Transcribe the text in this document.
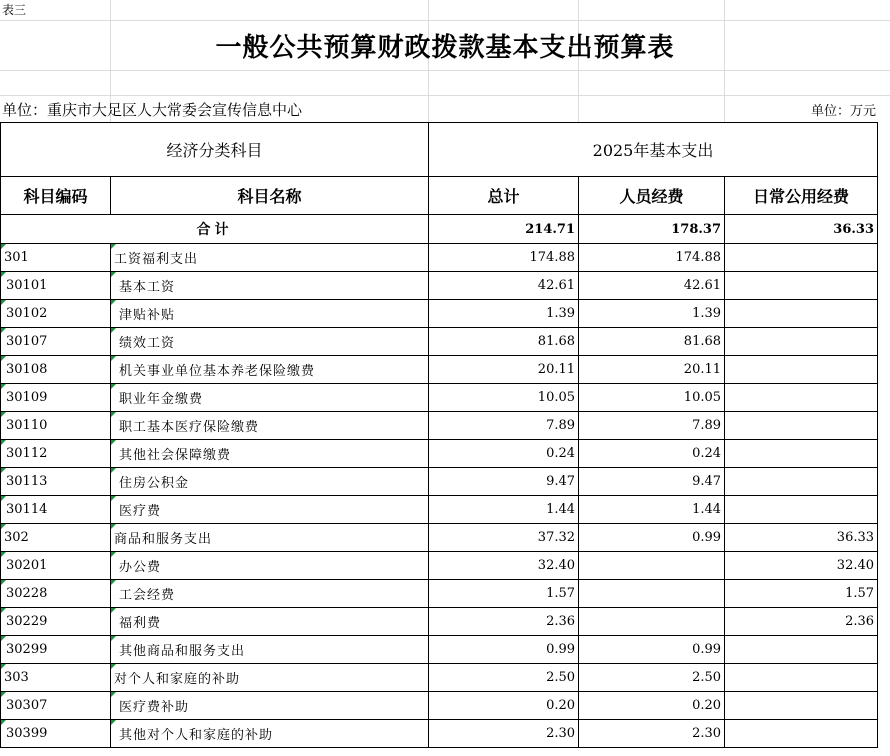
表三
一般公共预算财政拨款基本支出预算表
单位：重庆市大足区人大常委会宣传信息中心	单位：万元
经济分类科目		2025年基本支出		
科目编码	科目名称	总计	人员经费	日常公用经费
合计		214.71	178.37	36.33

301	工资福利支出	174.88	174.88	

30101	基本工资	42.61	42.61	

30102	津贴补贴	1.39	1.39	

30107	绩效工资	81.68	81.68	

30108	机关事业单位基本养老保险缴费	20.11	20.11	

30109	职业年金缴费	10.05	10.05	

30110	职工基本医疗保险缴费	7.89	7.89	

30112	其他社会保障缴费	0.24	0.24	

30113	住房公积金	9.47	9.47	

30114	医疗费	1.44	1.44	

302	商品和服务支出	37.32	0.99	36.33

30201	办公费	32.40		32.40

30228	工会经费	1.57		1.57

30229	福利费	2.36		2.36

30299	其他商品和服务支出	0.99	0.99	

303	对个人和家庭的补助	2.50	2.50	

30307	医疗费补助	0.20	0.20	

30399	其他对个人和家庭的补助	2.30	2.30	
